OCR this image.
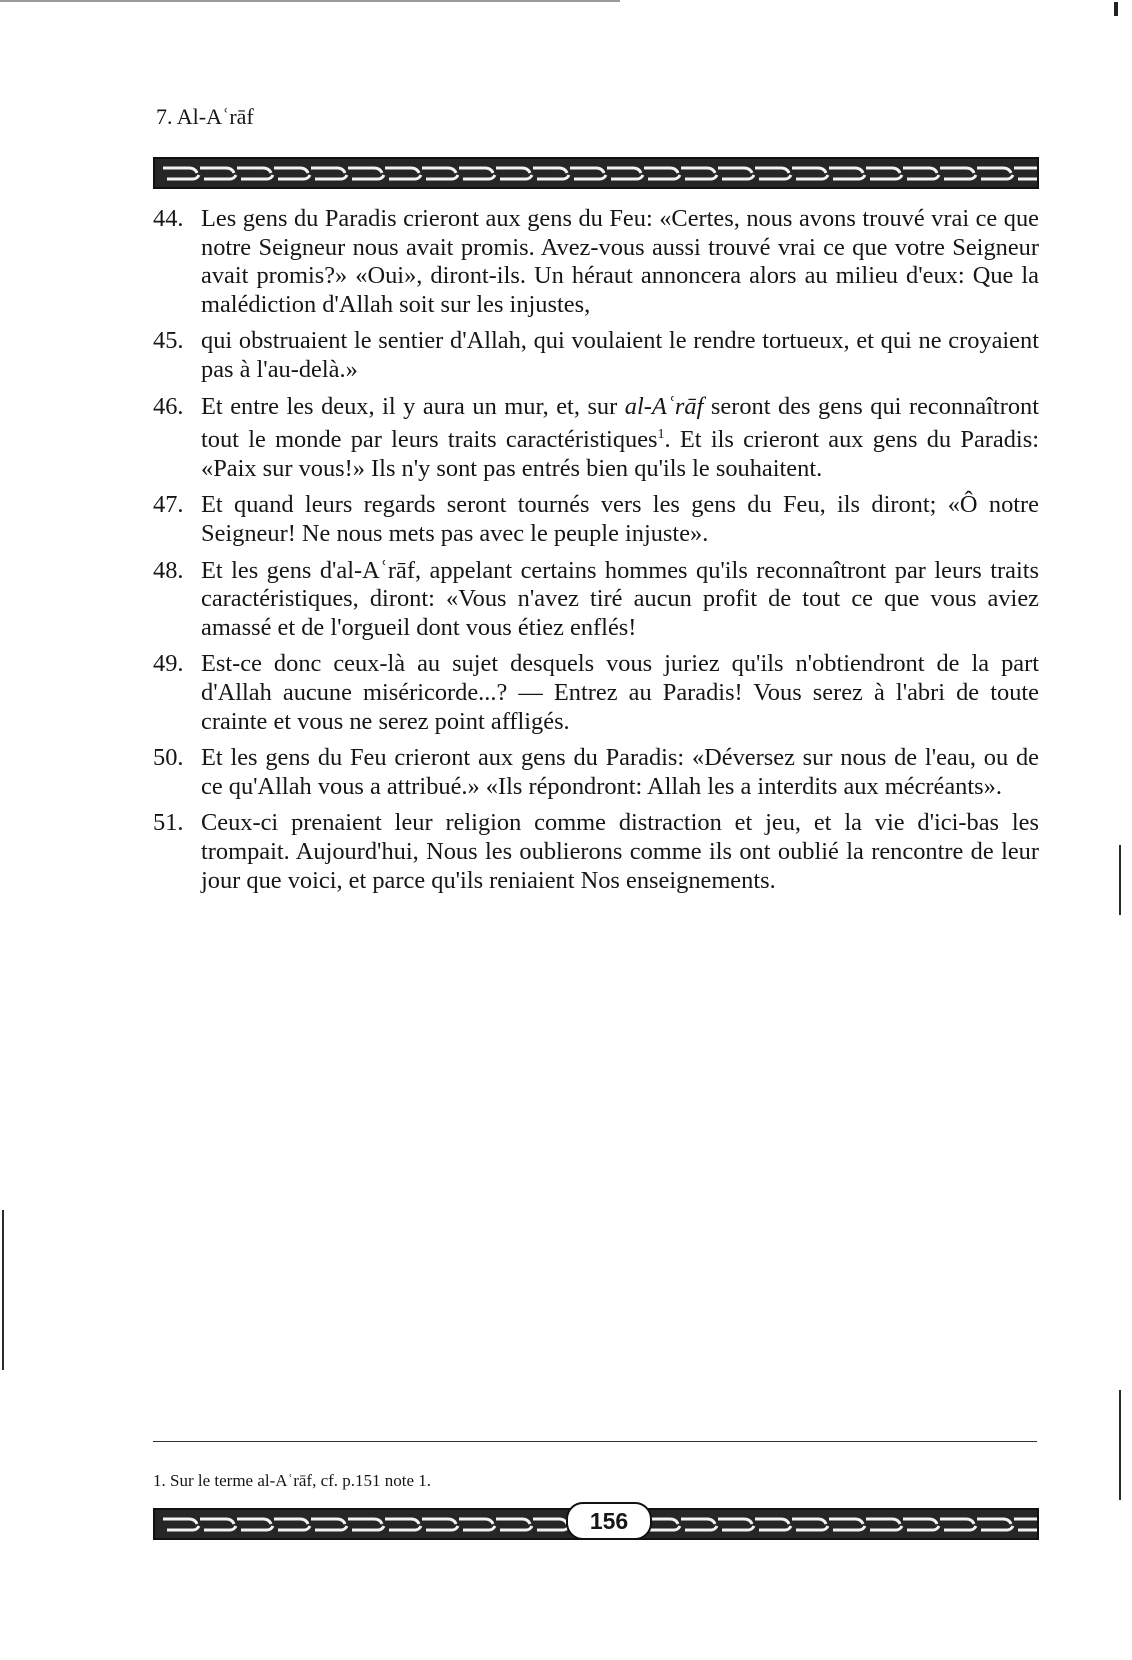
7. Al-Aʿrāf
44. Les gens du Paradis crieront aux gens du Feu: «Certes, nous avons trouvé vrai ce que notre Seigneur nous avait promis. Avez-vous aussi trouvé vrai ce que votre Seigneur avait promis?» «Oui», diront-ils. Un héraut annoncera alors au milieu d'eux: Que la malédiction d'Allah soit sur les injustes,
45. qui obstruaient le sentier d'Allah, qui voulaient le rendre tortueux, et qui ne croyaient pas à l'au-delà.»
46. Et entre les deux, il y aura un mur, et, sur al-Aʿrāf seront des gens qui reconnaîtront tout le monde par leurs traits caractéristiques$^1$. Et ils crieront aux gens du Paradis: «Paix sur vous!» Ils n'y sont pas entrés bien qu'ils le souhaitent.
47. Et quand leurs regards seront tournés vers les gens du Feu, ils diront; «Ô notre Seigneur! Ne nous mets pas avec le peuple injuste».
48. Et les gens d'al-Aʿrāf, appelant certains hommes qu'ils reconnaîtront par leurs traits caractéristiques, diront: «Vous n'avez tiré aucun profit de tout ce que vous aviez amassé et de l'orgueil dont vous étiez enflés!
49. Est-ce donc ceux-là au sujet desquels vous juriez qu'ils n'obtiendront de la part d'Allah aucune miséricorde...? — Entrez au Paradis! Vous serez à l'abri de toute crainte et vous ne serez point affligés.
50. Et les gens du Feu crieront aux gens du Paradis: «Déversez sur nous de l'eau, ou de ce qu'Allah vous a attribué.» «Ils répondront: Allah les a interdits aux mécréants».
51. Ceux-ci prenaient leur religion comme distraction et jeu, et la vie d'ici-bas les trompait. Aujourd'hui, Nous les oublierons comme ils ont oublié la rencontre de leur jour que voici, et parce qu'ils reniaient Nos enseignements.
1. Sur le terme al-Aʿrāf, cf. p.151 note 1.
156
